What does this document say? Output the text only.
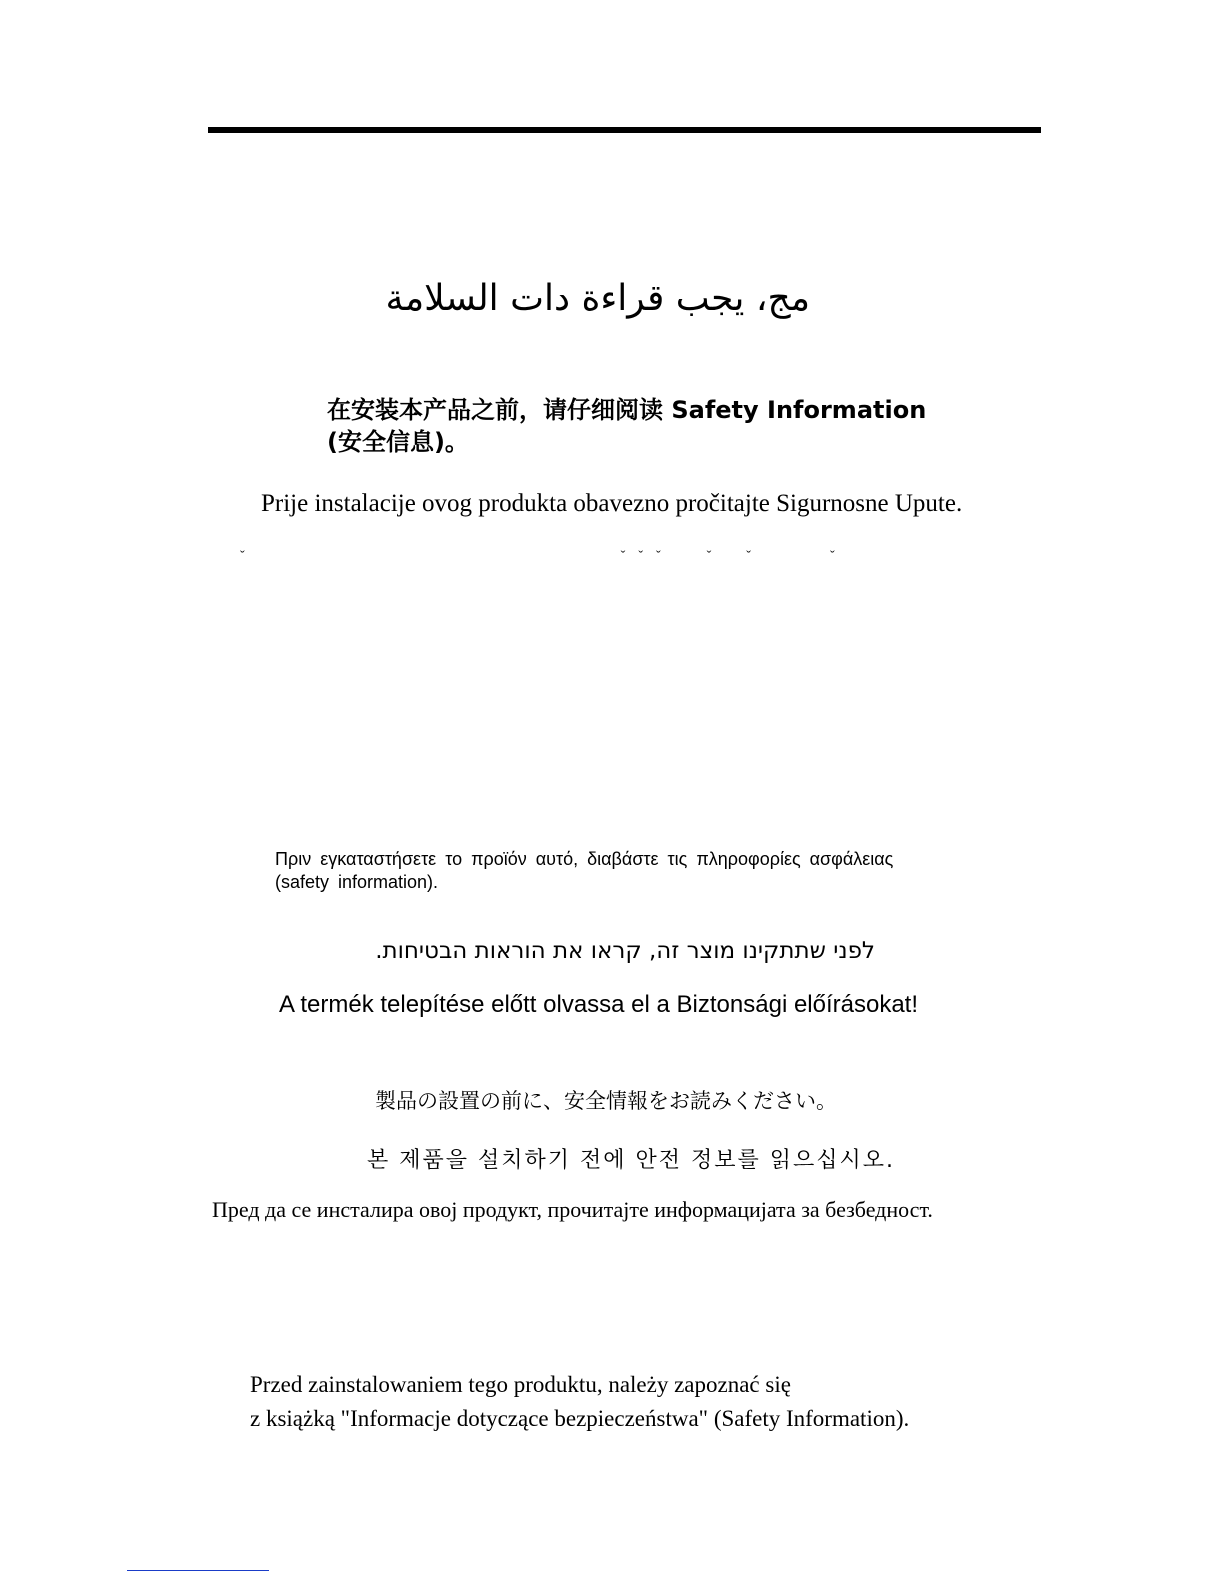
مج، يجب قراءة دات السلامة
在安装本产品之前，请仔细阅读 Safety Information
(安全信息)。
Prije instalacije ovog produkta obavezno pročitajte Sigurnosne Upute.
ˇ                                                                    ˇ  ˇ  ˇ        ˇ      ˇ              ˇ
Πριν εγκαταστήσετε το προϊόν αυτό, διαβάστε τις πληροφορίες ασφάλειας
(safety information).
לפני שתתקינו מוצר זה, קראו את הוראות הבטיחות.
A termék telepítése előtt olvassa el a Biztonsági előírásokat!
製品の設置の前に、安全情報をお読みください。
본 제품을 설치하기 전에 안전 정보를 읽으십시오.
Пред да се инсталира овој продукт, прочитајте информацијата за безбедност.
Przed zainstalowaniem tego produktu, należy zapoznać się
z książką "Informacje dotyczące bezpieczeństwa" (Safety Information).
